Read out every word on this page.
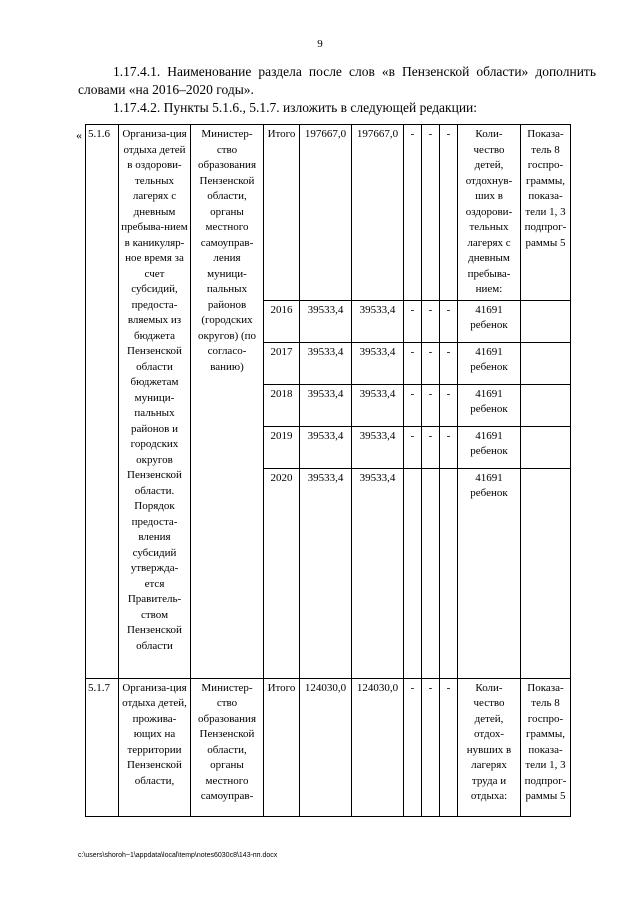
9
1.17.4.1. Наименование раздела после слов «в Пензенской области» дополнить словами «на 2016–2020 годы».
1.17.4.2. Пункты 5.1.6., 5.1.7. изложить в следующей редакции:
« 5.1.6	Организа-ция отдыха детей в оздорови-тельных лагерях с дневным пребыва-нием в каникуляр-ное время за счет субсидий, предоста-вляемых из бюджета Пензенской области бюджетам муници-пальных районов и городских округов Пензенской области. Порядок предоста-вления субсидий утвержда-ется Правитель-ством Пензенской области	Министер-ство образования Пензенской области, органы местного самоуправ-ления муници-пальных районов (городских округов) (по согласо-ванию)	Итого	197667,0	197667,0	-	-	-	Коли-чество детей, отдохнув-ших в оздорови-тельных лагерях с дневным пребыва-нием:	Показа-тель 8 госпро-граммы, показа-тели 1, 3 подпрог-раммы 5
			2016	39533,4	39533,4	-	-	-	41691 ребенок	
			2017	39533,4	39533,4	-	-	-	41691 ребенок	
			2018	39533,4	39533,4	-	-	-	41691 ребенок	
			2019	39533,4	39533,4	-	-	-	41691 ребенок	
			2020	39533,4	39533,4				41691 ребенок	
5.1.7	Организа-ция отдыха детей, прожива-ющих на территории Пензенской области,	Министер-ство образования Пензенской области, органы местного самоуправ-	Итого	124030,0	124030,0	-	-	-	Коли-чество детей, отдох-нувших в лагерях труда и отдыха:	Показа-тель 8 госпро-граммы, показа-тели 1, 3 подпрог-раммы 5
c:\users\shoroh~1\appdata\local\temp\notes6030c8\143-пп.docx
